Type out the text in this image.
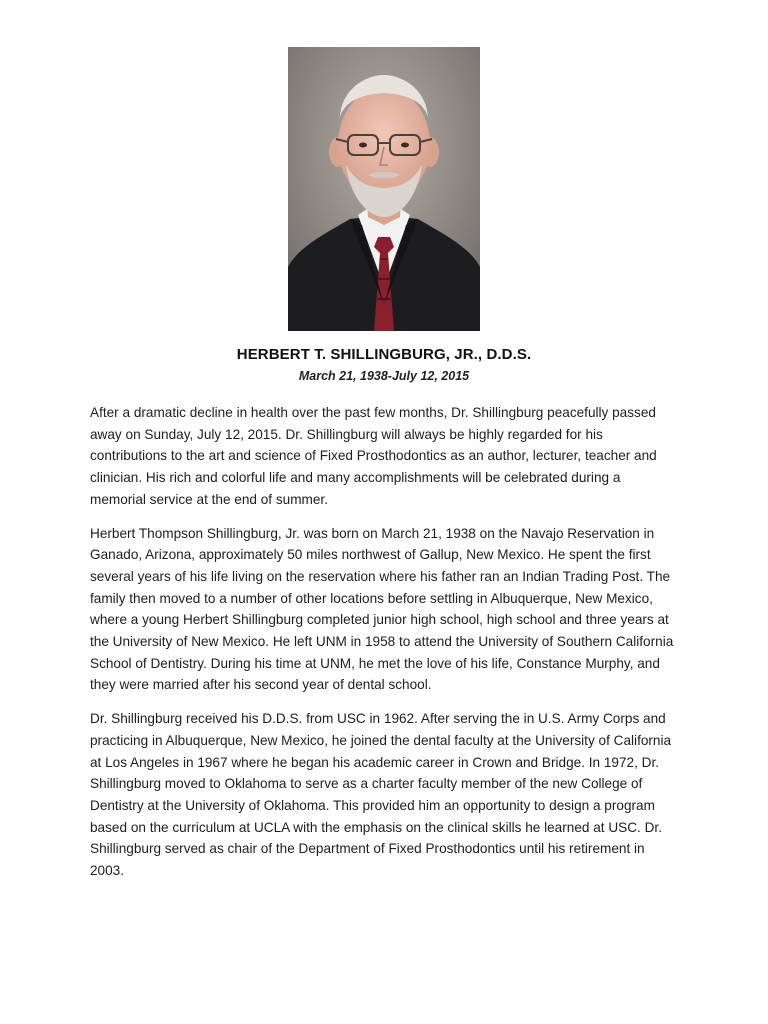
HERBERT T. SHILLINGBURG, JR., D.D.S.
March 21, 1938-July 12, 2015

After a dramatic decline in health over the past few months, Dr. Shillingburg peacefully passed away on Sunday, July 12, 2015. Dr. Shillingburg will always be highly regarded for his contributions to the art and science of Fixed Prosthodontics as an author, lecturer, teacher and clinician. His rich and colorful life and many accomplishments will be celebrated during a memorial service at the end of summer.

Herbert Thompson Shillingburg, Jr. was born on March 21, 1938 on the Navajo Reservation in Ganado, Arizona, approximately 50 miles northwest of Gallup, New Mexico. He spent the first several years of his life living on the reservation where his father ran an Indian Trading Post. The family then moved to a number of other locations before settling in Albuquerque, New Mexico, where a young Herbert Shillingburg completed junior high school, high school and three years at the University of New Mexico. He left UNM in 1958 to attend the University of Southern California School of Dentistry. During his time at UNM, he met the love of his life, Constance Murphy, and they were married after his second year of dental school.

Dr. Shillingburg received his D.D.S. from USC in 1962. After serving the in U.S. Army Corps and practicing in Albuquerque, New Mexico, he joined the dental faculty at the University of California at Los Angeles in 1967 where he began his academic career in Crown and Bridge. In 1972, Dr. Shillingburg moved to Oklahoma to serve as a charter faculty member of the new College of Dentistry at the University of Oklahoma. This provided him an opportunity to design a program based on the curriculum at UCLA with the emphasis on the clinical skills he learned at USC. Dr. Shillingburg served as chair of the Department of Fixed Prosthodontics until his retirement in 2003.
